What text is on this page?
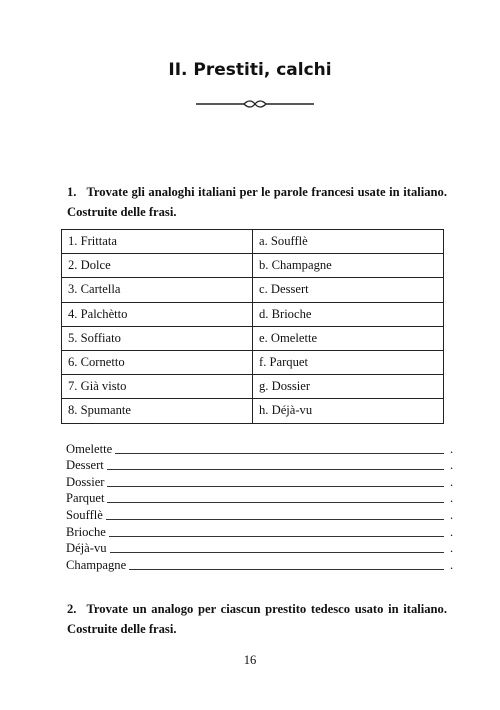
II. Prestiti, calchi
1. Trovate gli analoghi italiani per le parole francesi usate in italiano. Costruite delle frasi.
1. Frittata	a. Soufflè
2. Dolce	b. Champagne
3. Cartella	c. Dessert
4. Palchètto	d. Brioche
5. Soffiato	e. Omelette
6. Cornetto	f. Parquet
7. Già visto	g. Dossier
8. Spumante	h. Déjà-vu
Omelette	.
Dessert	.
Dossier	.
Parquet	.
Soufflè	.
Brioche	.
Déjà-vu	.
Champagne	.
2. Trovate un analogo per ciascun prestito tedesco usato in italiano. Costruite delle frasi.
16
